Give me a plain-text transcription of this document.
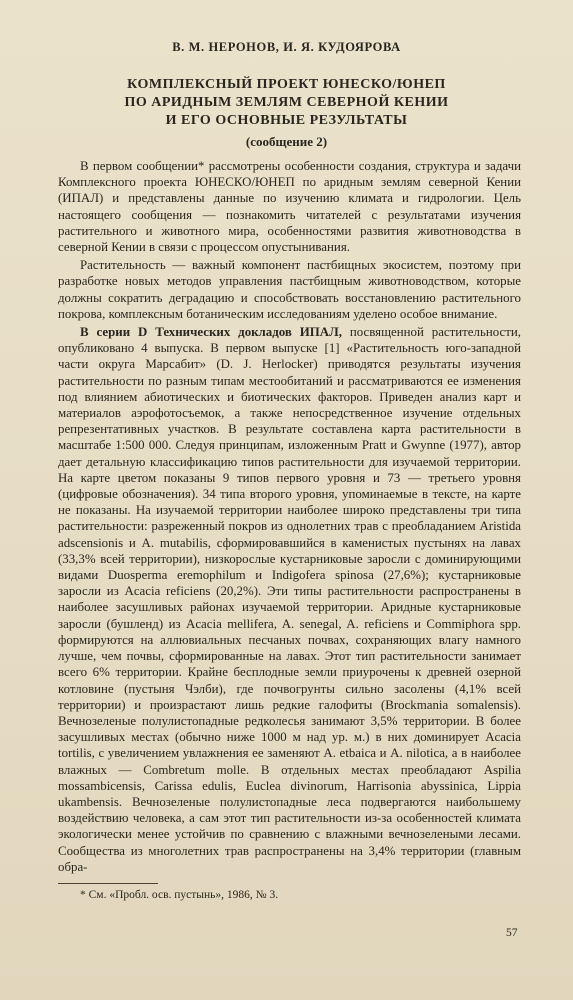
В. М. НЕРОНОВ, И. Я. КУДОЯРОВА
КОМПЛЕКСНЫЙ ПРОЕКТ ЮНЕСКО/ЮНЕП
ПО АРИДНЫМ ЗЕМЛЯМ СЕВЕРНОЙ КЕНИИ
И ЕГО ОСНОВНЫЕ РЕЗУЛЬТАТЫ
(сообщение 2)

В первом сообщении* рассмотрены особенности создания, структура и задачи Комплексного проекта ЮНЕСКО/ЮНЕП по аридным землям северной Кении (ИПАЛ) и представлены данные по изучению климата и гидрологии. Цель настоящего сообщения — познакомить читателей с результатами изучения растительного и животного мира, особенностями развития животноводства в северной Кении в связи с процессом опустынивания.

Растительность — важный компонент пастбищных экосистем, поэтому при разработке новых методов управления пастбищным животноводством, которые должны сократить деградацию и способствовать восстановлению растительного покрова, комплексным ботаническим исследованиям уделено особое внимание.

В серии D Технических докладов ИПАЛ, посвященной растительности, опубликовано 4 выпуска. В первом выпуске [1] «Растительность юго-западной части округа Марсабит» (D. J. Herlocker) приводятся результаты изучения растительности по разным типам местообитаний и рассматриваются ее изменения под влиянием абиотических и биотических факторов. Приведен анализ карт и материалов аэрофотосъемок, а также непосредственное изучение отдельных репрезентативных участков. В результате составлена карта растительности в масштабе 1:500 000. Следуя принципам, изложенным Pratt и Gwynne (1977), автор дает детальную классификацию типов растительности для изучаемой территории. На карте цветом показаны 9 типов первого уровня и 73 — третьего уровня (цифровые обозначения). 34 типа второго уровня, упоминаемые в тексте, на карте не показаны. На изучаемой территории наиболее широко представлены три типа растительности: разреженный покров из однолетних трав с преобладанием Aristida adscensionis и A. mutabilis, сформировавшийся в каменистых пустынях на лавах (33,3% всей территории), низкорослые кустарниковые заросли с доминирующими видами Duosperma eremophilum и Indigofera spinosa (27,6%); кустарниковые заросли из Acacia reficiens (20,2%). Эти типы растительности распространены в наиболее засушливых районах изучаемой территории. Аридные кустарниковые заросли (бушленд) из Acacia mellifera, A. senegal, A. reficiens и Commiphora spp. формируются на аллювиальных песчаных почвах, сохраняющих влагу намного лучше, чем почвы, сформированные на лавах. Этот тип растительности занимает всего 6% территории. Крайне бесплодные земли приурочены к древней озерной котловине (пустыня Чэлби), где почвогрунты сильно засолены (4,1% всей территории) и произрастают лишь редкие галофиты (Brockmania somalensis). Вечнозеленые полулистопадные редколесья занимают 3,5% территории. В более засушливых местах (обычно ниже 1000 м над ур. м.) в них доминирует Acacia tortilis, с увеличением увлажнения ее заменяют A. etbaica и A. nilotica, а в наиболее влажных — Combretum molle. В отдельных местах преобладают Aspilia mossambicensis, Carissa edulis, Euclea divinorum, Harrisonia abyssinica, Lippia ukambensis. Вечнозеленые полулистопадные леса подвергаются наибольшему воздействию человека, а сам этот тип растительности из-за особенностей климата экологически менее устойчив по сравнению с влажными вечнозелеными лесами. Сообщества из многолетних трав распространены на 3,4% территории (главным обра-

* См. «Пробл. осв. пустынь», 1986, № 3.
57
